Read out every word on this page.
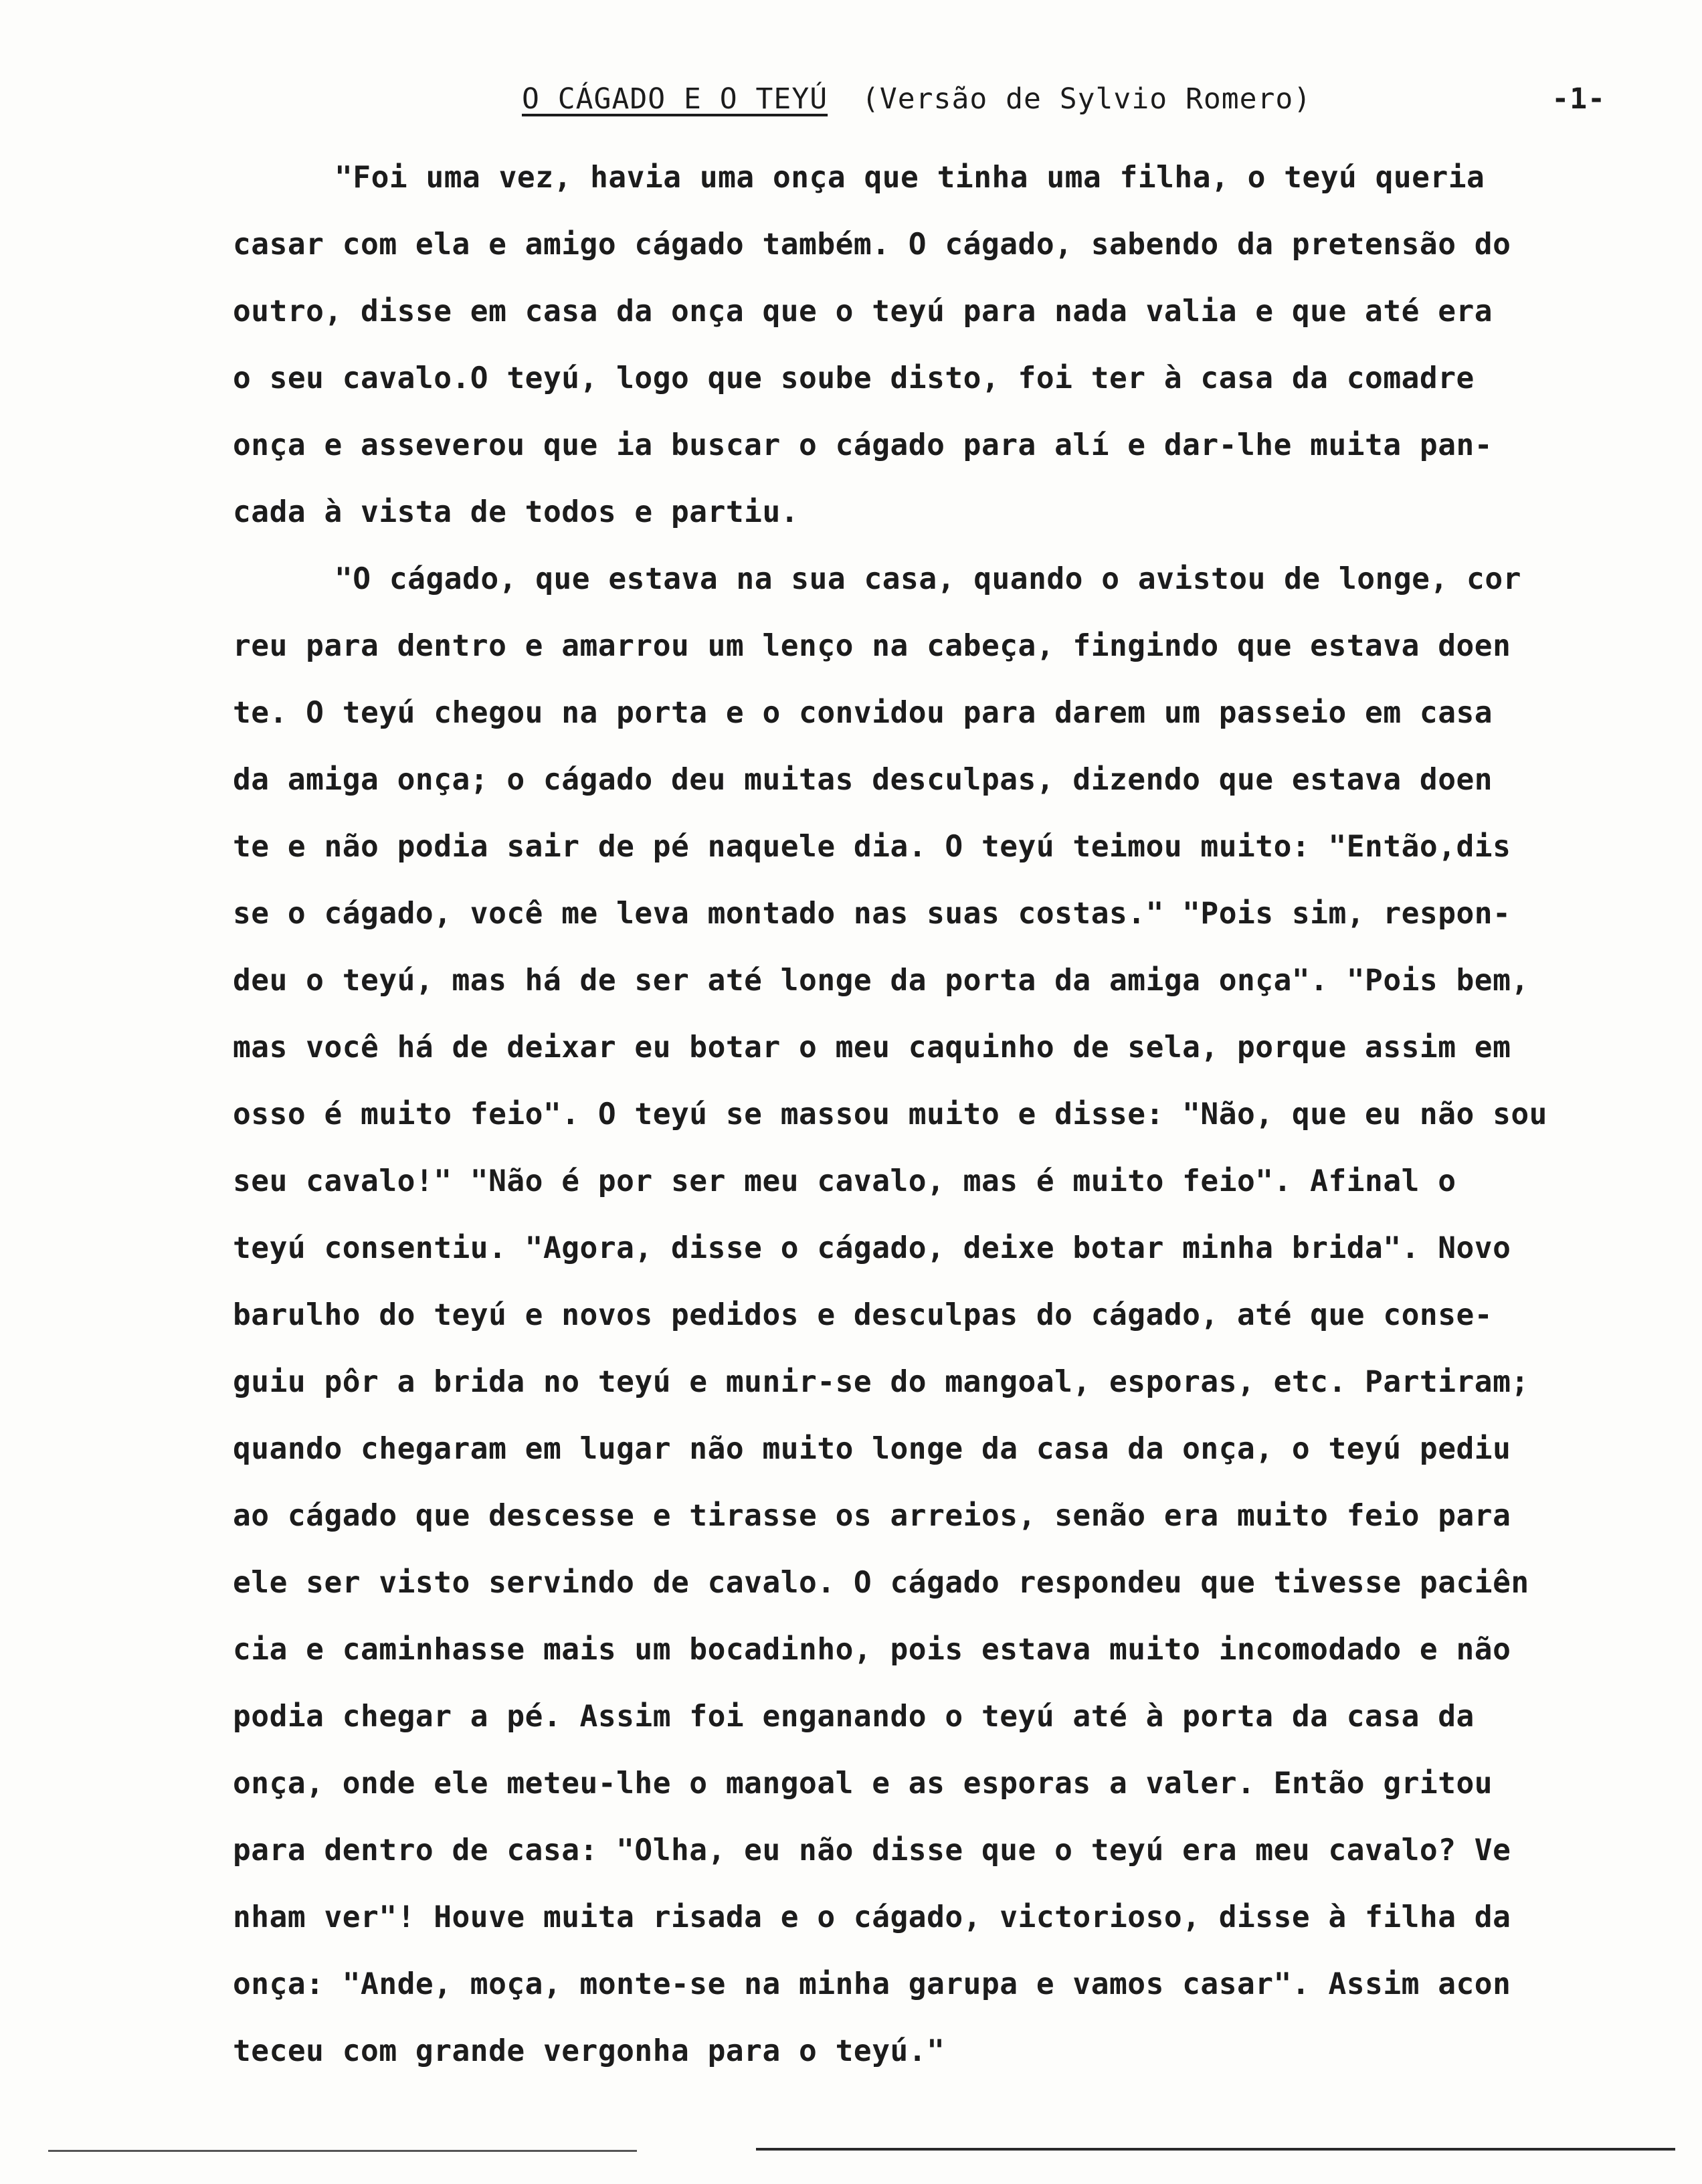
O CÁGADO E O TEYÚ (Versão de Sylvio Romero)	-1-
"Foi uma vez, havia uma onça que tinha uma filha, o teyú queria
casar com ela e amigo cágado também. O cágado, sabendo da pretensão do
outro, disse em casa da onça que o teyú para nada valia e que até era
o seu cavalo.O teyú, logo que soube disto, foi ter à casa da comadre
onça e asseverou que ia buscar o cágado para alí e dar-lhe muita pan-
cada à vista de todos e partiu.
"O cágado, que estava na sua casa, quando o avistou de longe, cor
reu para dentro e amarrou um lenço na cabeça, fingindo que estava doen
te. O teyú chegou na porta e o convidou para darem um passeio em casa
da amiga onça; o cágado deu muitas desculpas, dizendo que estava doen
te e não podia sair de pé naquele dia. O teyú teimou muito: "Então,dis
se o cágado, você me leva montado nas suas costas." "Pois sim, respon-
deu o teyú, mas há de ser até longe da porta da amiga onça". "Pois bem,
mas você há de deixar eu botar o meu caquinho de sela, porque assim em
osso é muito feio". O teyú se massou muito e disse: "Não, que eu não sou
seu cavalo!" "Não é por ser meu cavalo, mas é muito feio". Afinal o
teyú consentiu. "Agora, disse o cágado, deixe botar minha brida". Novo
barulho do teyú e novos pedidos e desculpas do cágado, até que conse-
guiu pôr a brida no teyú e munir-se do mangoal, esporas, etc. Partiram;
quando chegaram em lugar não muito longe da casa da onça, o teyú pediu
ao cágado que descesse e tirasse os arreios, senão era muito feio para
ele ser visto servindo de cavalo. O cágado respondeu que tivesse paciên
cia e caminhasse mais um bocadinho, pois estava muito incomodado e não
podia chegar a pé. Assim foi enganando o teyú até à porta da casa da
onça, onde ele meteu-lhe o mangoal e as esporas a valer. Então gritou
para dentro de casa: "Olha, eu não disse que o teyú era meu cavalo? Ve
nham ver"! Houve muita risada e o cágado, victorioso, disse à filha da
onça: "Ande, moça, monte-se na minha garupa e vamos casar". Assim acon
teceu com grande vergonha para o teyú."
